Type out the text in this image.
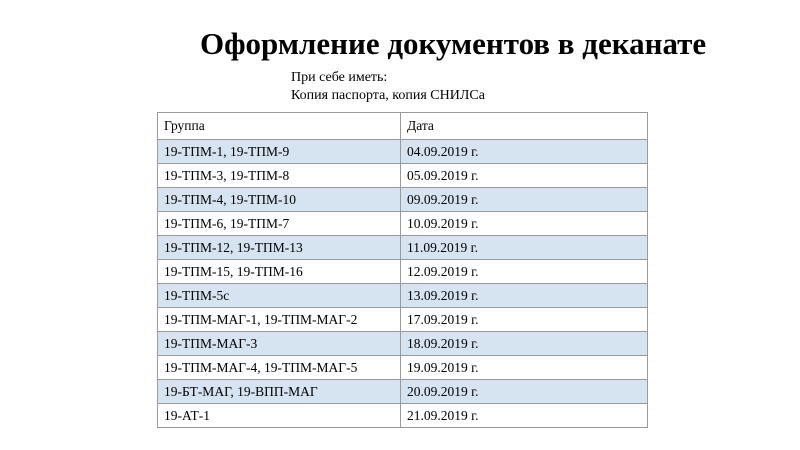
Оформление документов в деканате
При себе иметь:
Копия паспорта, копия СНИЛСа
Группа	Дата
19-ТПМ-1, 19-ТПМ-9	04.09.2019 г.
19-ТПМ-3, 19-ТПМ-8	05.09.2019 г.
19-ТПМ-4, 19-ТПМ-10	09.09.2019 г.
19-ТПМ-6, 19-ТПМ-7	10.09.2019 г.
19-ТПМ-12, 19-ТПМ-13	11.09.2019 г.
19-ТПМ-15, 19-ТПМ-16	12.09.2019 г.
19-ТПМ-5с	13.09.2019 г.
19-ТПМ-МАГ-1, 19-ТПМ-МАГ-2	17.09.2019 г.
19-ТПМ-МАГ-3	18.09.2019 г.
19-ТПМ-МАГ-4, 19-ТПМ-МАГ-5	19.09.2019 г.
19-БТ-МАГ, 19-ВПП-МАГ	20.09.2019 г.
19-АТ-1	21.09.2019 г.
